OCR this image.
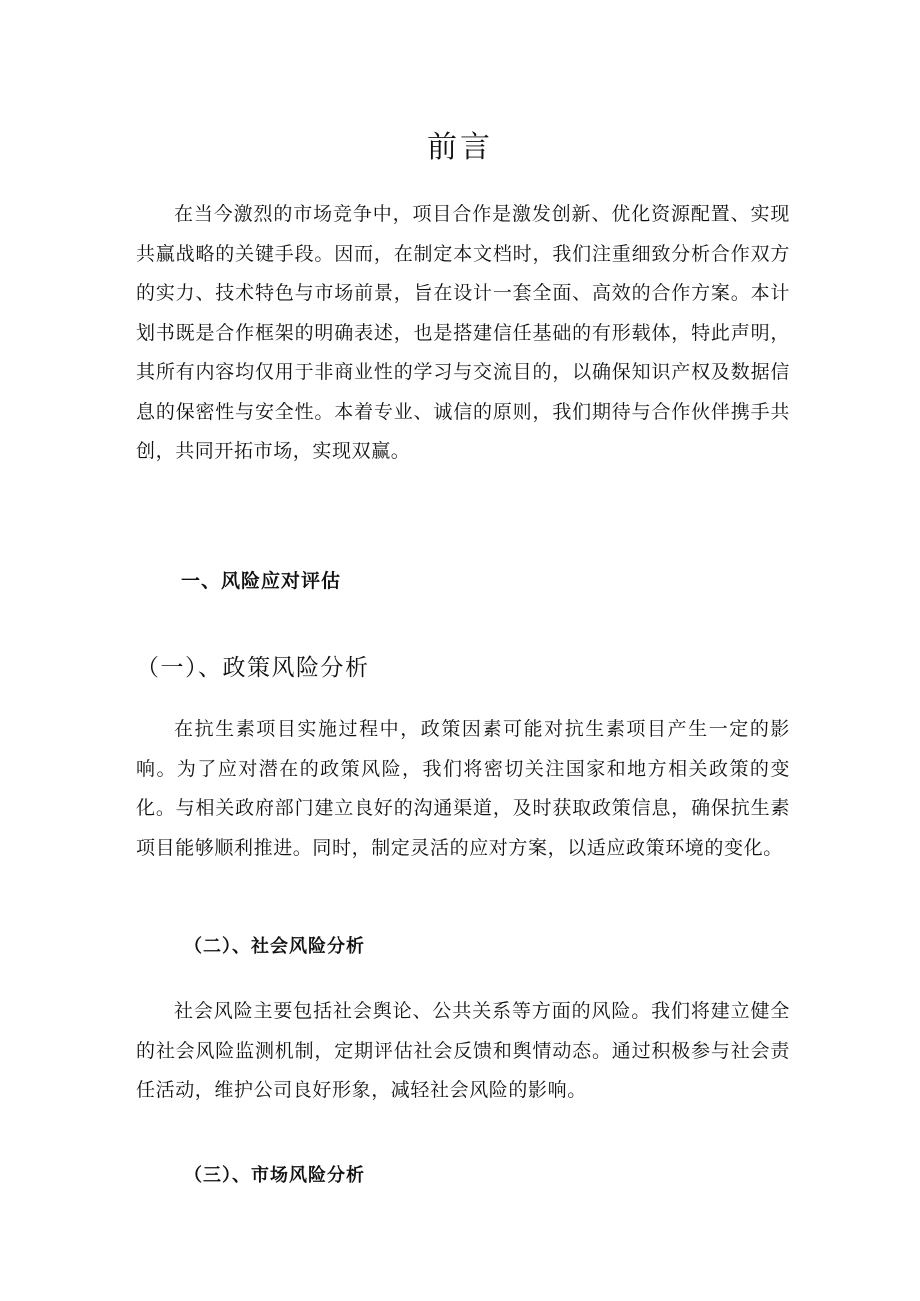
前言

在当今激烈的市场竞争中，项目合作是激发创新、优化资源配置、实现共赢战略的关键手段。因而，在制定本文档时，我们注重细致分析合作双方的实力、技术特色与市场前景，旨在设计一套全面、高效的合作方案。本计划书既是合作框架的明确表述，也是搭建信任基础的有形载体，特此声明，其所有内容均仅用于非商业性的学习与交流目的，以确保知识产权及数据信息的保密性与安全性。本着专业、诚信的原则，我们期待与合作伙伴携手共创，共同开拓市场，实现双赢。

一、风险应对评估
（一）、政策风险分析

在抗生素项目实施过程中，政策因素可能对抗生素项目产生一定的影响。为了应对潜在的政策风险，我们将密切关注国家和地方相关政策的变化。与相关政府部门建立良好的沟通渠道，及时获取政策信息，确保抗生素项目能够顺利推进。同时，制定灵活的应对方案，以适应政策环境的变化。

（二）、社会风险分析

社会风险主要包括社会舆论、公共关系等方面的风险。我们将建立健全的社会风险监测机制，定期评估社会反馈和舆情动态。通过积极参与社会责任活动，维护公司良好形象，减轻社会风险的影响。

（三）、市场风险分析
